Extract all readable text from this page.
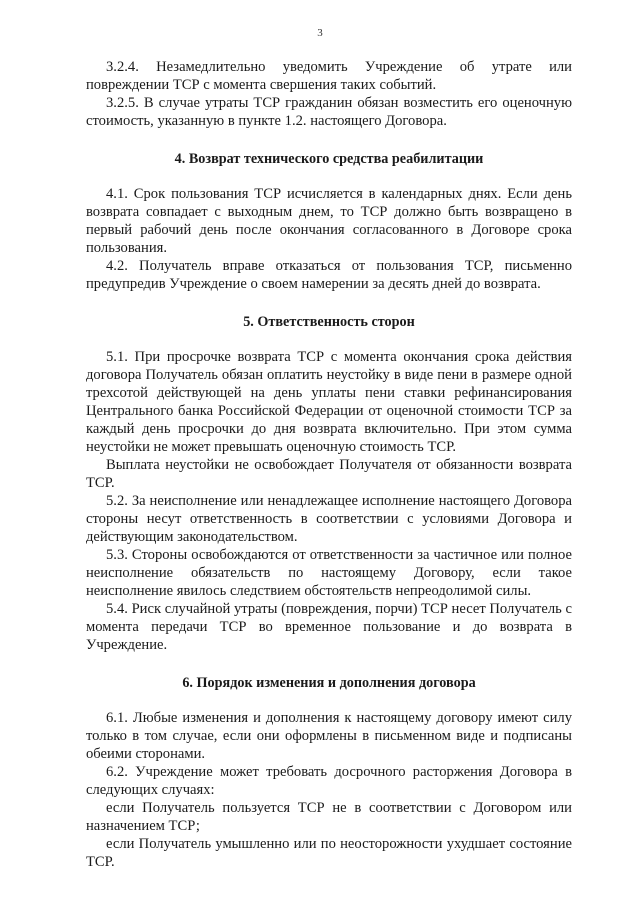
3

3.2.4. Незамедлительно уведомить Учреждение об утрате или повреждении ТСР с момента свершения таких событий.

3.2.5. В случае утраты ТСР гражданин обязан возместить его оценочную стоимость, указанную в пункте 1.2. настоящего Договора.

4. Возврат технического средства реабилитации

4.1. Срок пользования ТСР исчисляется в календарных днях. Если день возврата совпадает с выходным днем, то ТСР должно быть возвращено в первый рабочий день после окончания согласованного в Договоре срока пользования.

4.2. Получатель вправе отказаться от пользования ТСР, письменно предупредив Учреждение о своем намерении за десять дней до возврата.

5. Ответственность сторон

5.1. При просрочке возврата ТСР с момента окончания срока действия договора Получатель обязан оплатить неустойку в виде пени в размере одной трехсотой действующей на день уплаты пени ставки рефинансирования Центрального банка Российской Федерации от оценочной стоимости ТСР за каждый день просрочки до дня возврата включительно. При этом сумма неустойки не может превышать оценочную стоимость ТСР.

Выплата неустойки не освобождает Получателя от обязанности возврата ТСР.

5.2. За неисполнение или ненадлежащее исполнение настоящего Договора стороны несут ответственность в соответствии с условиями Договора и действующим законодательством.

5.3. Стороны освобождаются от ответственности за частичное или полное неисполнение обязательств по настоящему Договору, если такое неисполнение явилось следствием обстоятельств непреодолимой силы.

5.4. Риск случайной утраты (повреждения, порчи) ТСР несет Получатель с момента передачи ТСР во временное пользование и до возврата в Учреждение.

6. Порядок изменения и дополнения договора

6.1. Любые изменения и дополнения к настоящему договору имеют силу только в том случае, если они оформлены в письменном виде и подписаны обеими сторонами.

6.2. Учреждение может требовать досрочного расторжения Договора в следующих случаях:

если Получатель пользуется ТСР не в соответствии с Договором или назначением ТСР;

если Получатель умышленно или по неосторожности ухудшает состояние ТСР.
